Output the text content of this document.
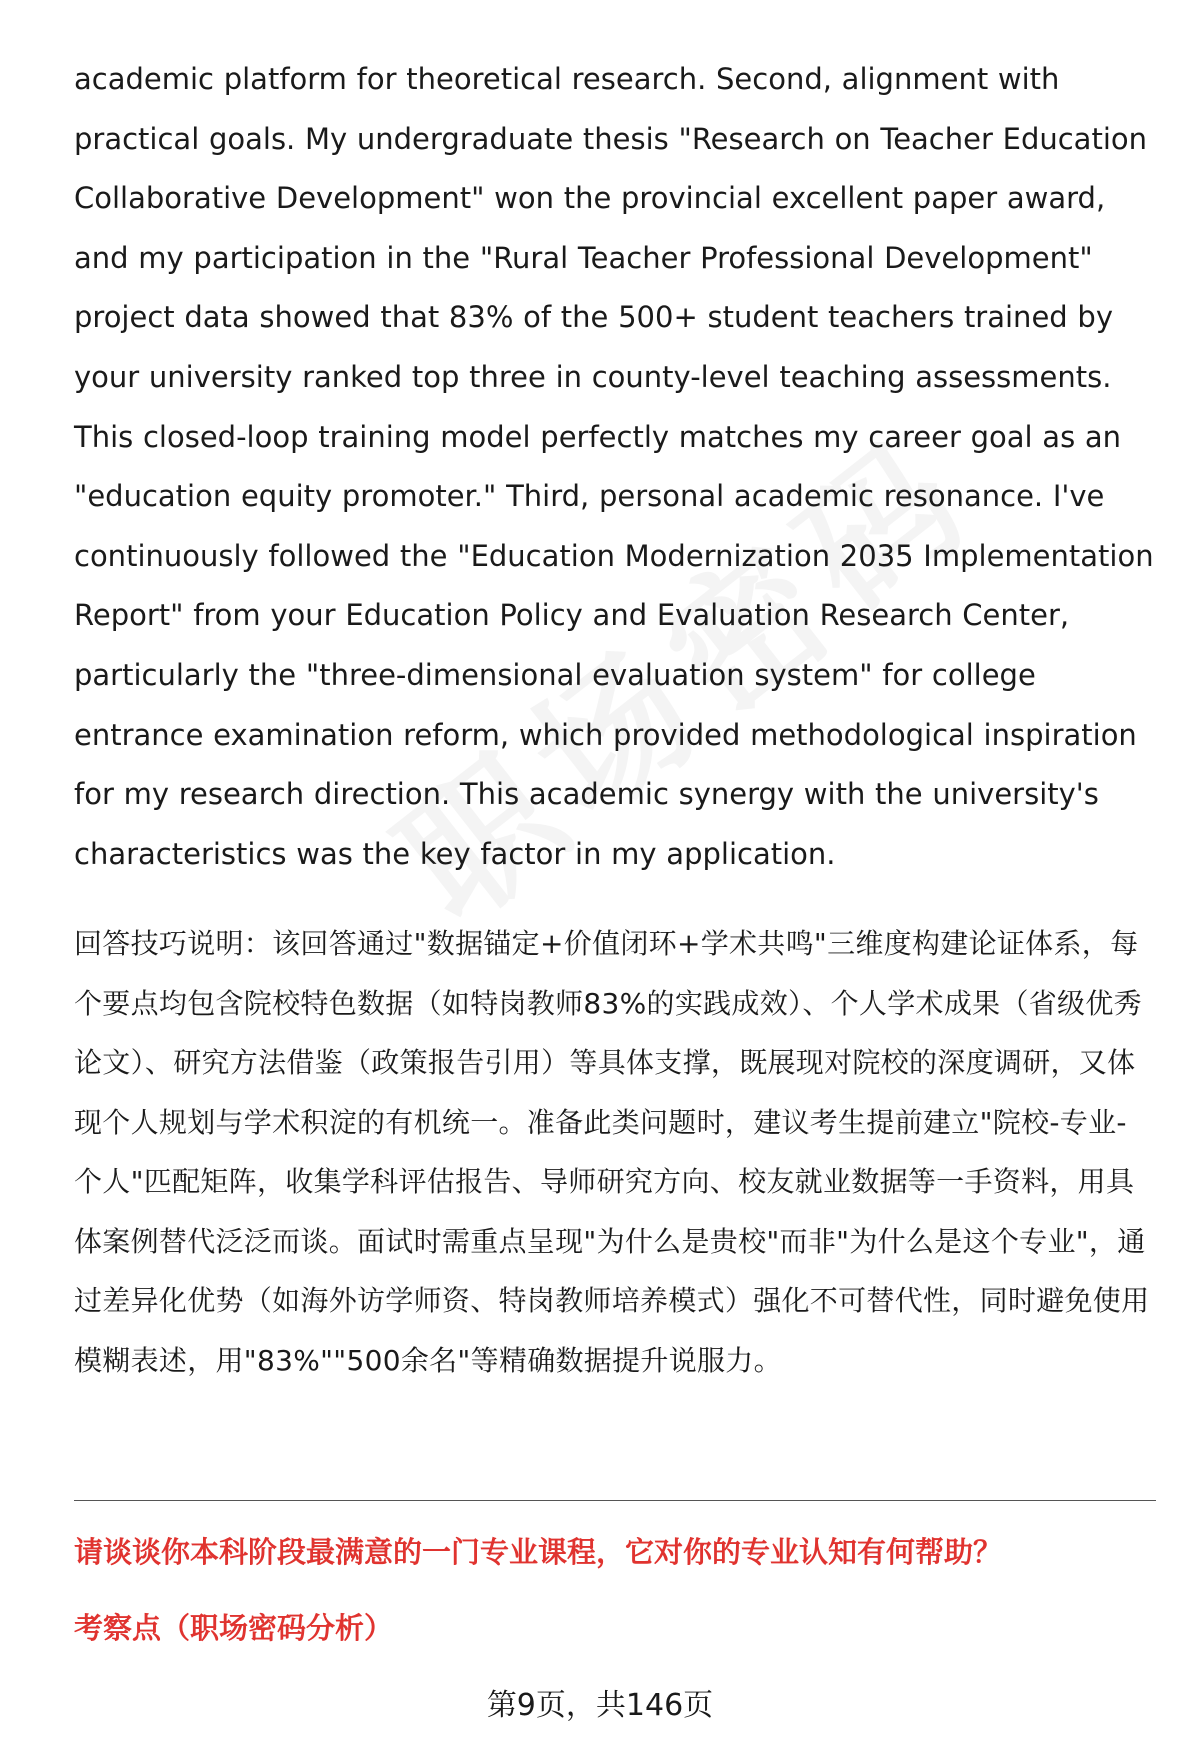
academic platform for theoretical research. Second, alignment with practical goals. My undergraduate thesis "Research on Teacher Education Collaborative Development" won the provincial excellent paper award, and my participation in the "Rural Teacher Professional Development" project data showed that 83% of the 500+ student teachers trained by your university ranked top three in county-level teaching assessments. This closed-loop training model perfectly matches my career goal as an "education equity promoter." Third, personal academic resonance. I've continuously followed the "Education Modernization 2035 Implementation Report" from your Education Policy and Evaluation Research Center, particularly the "three-dimensional evaluation system" for college entrance examination reform, which provided methodological inspiration for my research direction. This academic synergy with the university's characteristics was the key factor in my application.

回答技巧说明：该回答通过"数据锚定+价值闭环+学术共鸣"三维度构建论证体系，每个要点均包含院校特色数据（如特岗教师83%的实践成效）、个人学术成果（省级优秀论文）、研究方法借鉴（政策报告引用）等具体支撑，既展现对院校的深度调研，又体现个人规划与学术积淀的有机统一。准备此类问题时，建议考生提前建立"院校-专业-个人"匹配矩阵，收集学科评估报告、导师研究方向、校友就业数据等一手资料，用具体案例替代泛泛而谈。面试时需重点呈现"为什么是贵校"而非"为什么是这个专业"，通过差异化优势（如海外访学师资、特岗教师培养模式）强化不可替代性，同时避免使用模糊表述，用"83%""500余名"等精确数据提升说服力。
请谈谈你本科阶段最满意的一门专业课程，它对你的专业认知有何帮助？
考察点（职场密码分析）
第9页，共146页
